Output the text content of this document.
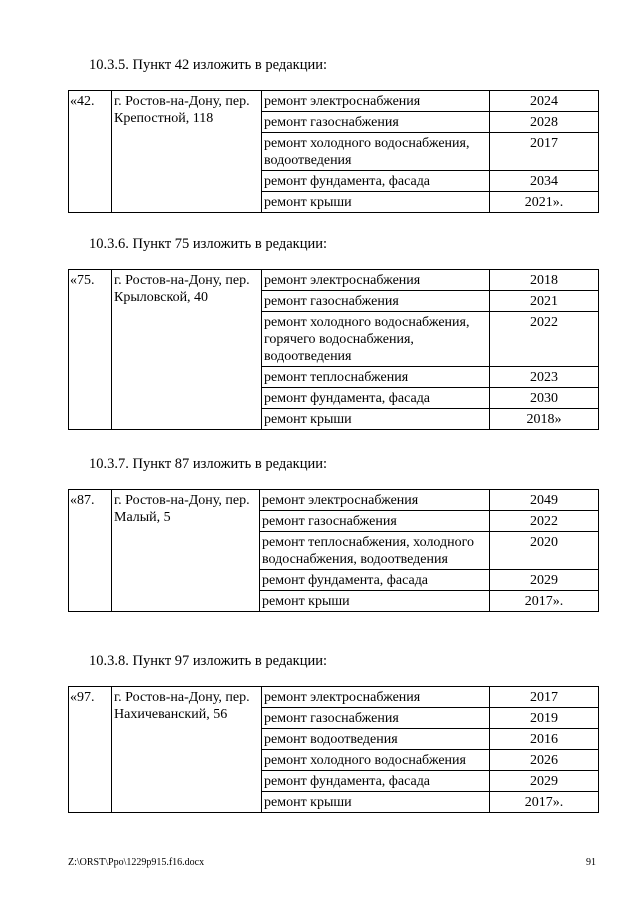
10.3.5. Пункт 42 изложить в редакции:
«42.	г. Ростов-на-Дону, пер. Крепостной, 118	ремонт электроснабжения	2024
		ремонт газоснабжения	2028
		ремонт холодного водоснабжения, водоотведения	2017
		ремонт фундамента, фасада	2034
		ремонт крыши	2021».
10.3.6. Пункт 75 изложить в редакции:
«75.	г. Ростов-на-Дону, пер. Крыловской, 40	ремонт электроснабжения	2018
		ремонт газоснабжения	2021
		ремонт холодного водоснабжения, горячего водоснабжения, водоотведения	2022
		ремонт теплоснабжения	2023
		ремонт фундамента, фасада	2030
		ремонт крыши	2018»
10.3.7. Пункт 87 изложить в редакции:
«87.	г. Ростов-на-Дону, пер. Малый, 5	ремонт электроснабжения	2049
		ремонт газоснабжения	2022
		ремонт теплоснабжения, холодного водоснабжения, водоотведения	2020
		ремонт фундамента, фасада	2029
		ремонт крыши	2017».
10.3.8. Пункт 97 изложить в редакции:
«97.	г. Ростов-на-Дону, пер. Нахичеванский, 56	ремонт электроснабжения	2017
		ремонт газоснабжения	2019
		ремонт водоотведения	2016
		ремонт холодного водоснабжения	2026
		ремонт фундамента, фасада	2029
		ремонт крыши	2017».
Z:\ORST\Ppo\1229p915.f16.docx	91
